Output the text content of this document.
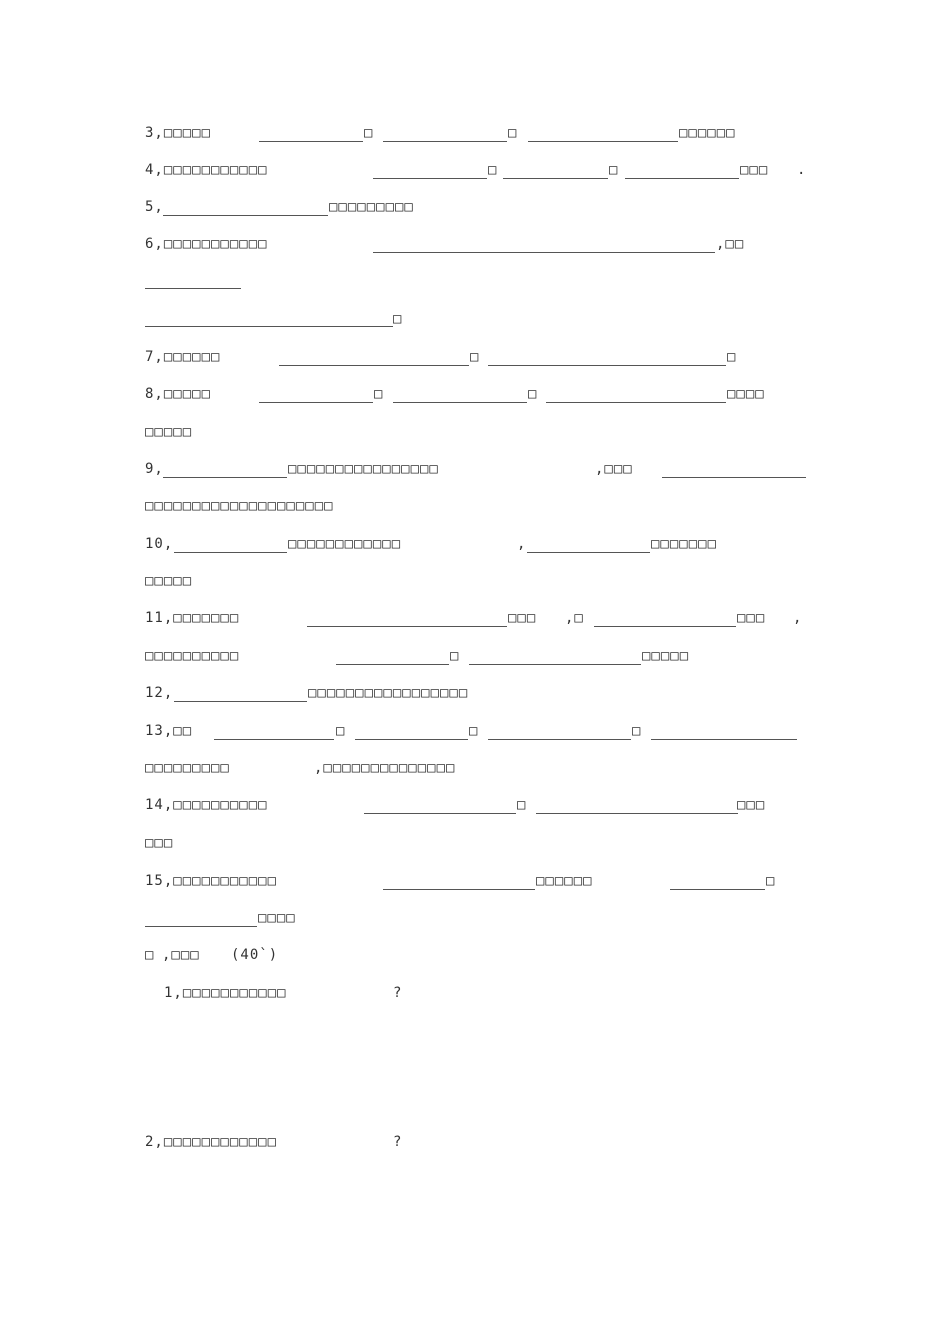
3,□□□□□	□	□	□□□□□□
4,□□□□□□□□□□□	□	□	□□□ .
5,	□□□□□□□□□
6,□□□□□□□□□□□	,□□
□
7,□□□□□□	□	□
8,□□□□□	□	□	□□□□
□□□□□
9,	□□□□□□□□□□□□□□□□	,□□□
□□□□□□□□□□□□□□□□□□□□
10,	□□□□□□□□□□□□	,	□□□□□□□
□□□□□
11,□□□□□□□	□□□ ,□	□□□ ,
□□□□□□□□□□	□	□□□□□
12,	□□□□□□□□□□□□□□□□□
13,□□	□	□	□
□□□□□□□□□	,□□□□□□□□□□□□□□
14,□□□□□□□□□□	□	□□□
□□□
15,□□□□□□□□□□□	□□□□□□	□
□□□□
□ ,□□□ (40`)
1,□□□□□□□□□□□	?
2,□□□□□□□□□□□□	?
